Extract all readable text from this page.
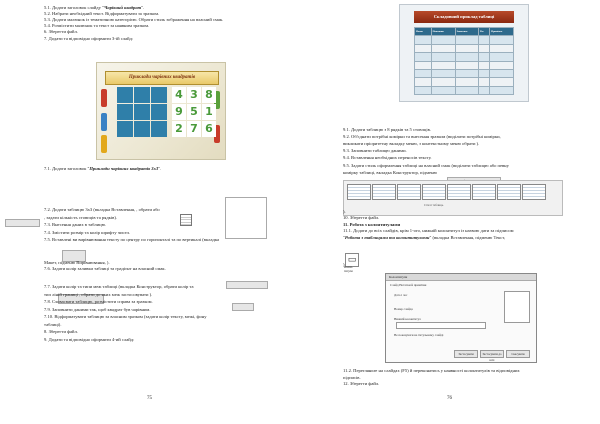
5.1. Додати заголовок слайду "Чарівний квадрат".
5.2. Набрати необхідний текст. Відформатувати за зразком.
5.3. Додати малюнок із тематичною категорією. Обрати стиль зображення на власний смак.
5.4. Розмістити малюнок та текст за наявним зразком.
6. Зберегти файл.
7. Додати та відповідно оформити 3-ій слайд:
Приклади чарівних квадратів
4 3 8
9 5 1
2 7 6
7.1. Додати заголовок "Приклади чарівних квадратів 3х3".
7.2. Додати таблицю 3х3 (вкладка Вставлення, , обрати або
, задати кількість стовпців та рядків).
7.3. Внесення даних в таблицю.
7.4. Змістити розмір та колір шрифту чисел.
7.5. Вставлені ви вирівнювання тексту по центру по горизонталі та по вертикалі (вкладка
Макет, підменю Вирівнювання, ).
7.6. Задати колір заливки таблиці та градієнт на власний смак.
7.7. Задати колір та типи меж таблиці (вкладка Конструктор, обрати колір та
тип ліній границі , обрати до яких меж застосовувати ).
7.8. Сховасвати таблицю, розмістити справа за зразком.
7.9. Заповнити даними так, щоб квадрат був чарівним.
7.10. Відформатувати таблицю за власним зразком (задати колір тексту, межі, фону
таблиці).
8. Зберегти файл.
9. Додати та відповідно оформити 4-ий слайд:
75
Складовний приклад таблиці
Назва	Показник	Значення	Рік	Примітка

9.1. Додати таблицю з 8 рядків та 5 стовпців.
9.2. Об'єднати потрібні комірки та внесення зразком (виділити потрібні комірки,
викликати пріоритетну вкладку меню, з контекстному меню обрати ).
9.3. Заповнити таблицю даними.
9.4. Вставлення необхідних переносів тексту.
9.5. Задати стиль оформлення таблиці на власний смак (виділити таблицю або певну
комірку таблиці, вкладка Конструктор, підменю
Стилі таблиць
).
10. Зберегти файл.
11. Робота з колонтитулами
11.1. Додати до всіх слайдів, крім 1-ого, нижній колонтитул із назвою дати за підписом
"Робота з таблицями та колонтитулами" (вкладка Вставлення, підменю Текст,
▭
Колон-
титули
)
Колонтитули
Слайд Нотатки й примітки
Дата і час
Номер слайда
Нижній колонтитул
Не показувати на титульному слайді
Застосувати	Застосувати до всіх
Скасувати
11.2. Перегляньте на слайдах (F5) й переконатись у наявності колонтитулів та відповідних
підписів.
12. Зберегти файл.
76
